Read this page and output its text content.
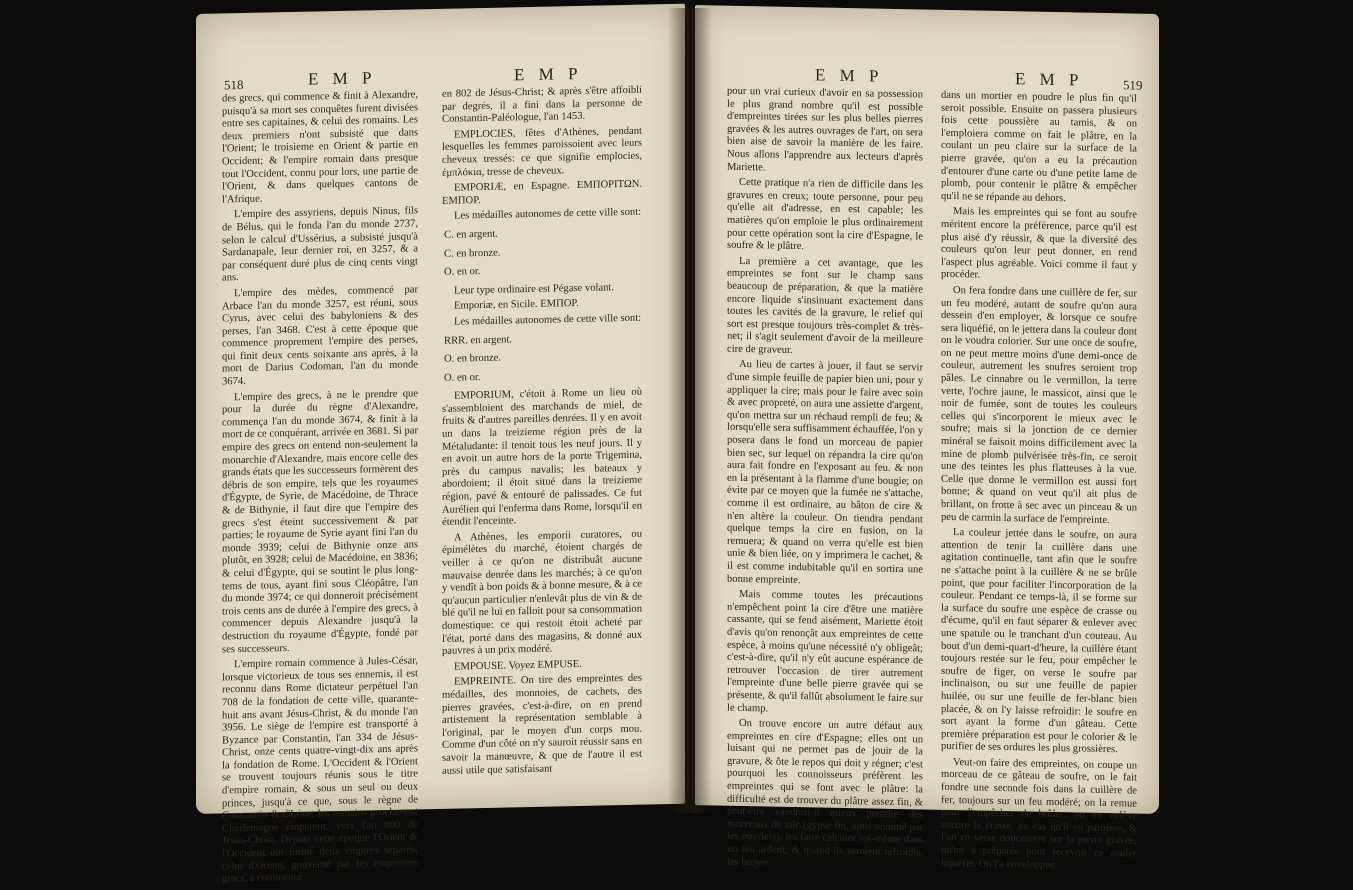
518	E M P	E M P

des grecs, qui commence & finit à Alexandre, puisqu'à sa mort ses conquêtes furent divisées entre ses capitaines, & celui des romains. Les deux premiers n'ont subsisté que dans l'Orient; le troisieme en Orient & partie en Occident; & l'empire romain dans presque tout l'Occident, connu pour lors, une partie de l'Orient, & dans quelques cantons de l'Afrique.

L'empire des assyriens, depuis Ninus, fils de Bélus, qui le fonda l'an du monde 2737, selon le calcul d'Ussérius, a subsisté jusqu'à Sardanapale, leur dernier roi, en 3257, & a par conséquent duré plus de cinq cents vingt ans.

L'empire des mèdes, commencé par Arbace l'an du monde 3257, est réuni, sous Cyrus, avec celui des babyloniens & des perses, l'an 3468. C'est à cette époque que commence proprement l'empire des perses, qui finit deux cents soixante ans après, à la mort de Darius Codoman, l'an du monde 3674.

L'empire des grecs, à ne le prendre que pour la durée du règne d'Alexandre, commença l'an du monde 3674, & finit à la mort de ce conquérant, arrivée en 3681. Si par empire des grecs on entend non-seulement la monarchie d'Alexandre, mais encore celle des grands états que les successeurs formèrent des débris de son empire, tels que les royaumes d'Égypte, de Syrie, de Macédoine, de Thrace & de Bithynie, il faut dire que l'empire des grecs s'est éteint successivement & par parties; le royaume de Syrie ayant fini l'an du monde 3939; celui de Bithynie onze ans plutôt, en 3928; celui de Macédoine, en 3836; & celui d'Égypte, qui se soutint le plus long-tems de tous, ayant fini sous Cléopâtre, l'an du monde 3974; ce qui donneroit précisément trois cents ans de durée à l'empire des grecs, à commencer depuis Alexandre jusqu'à la destruction du royaume d'Égypte, fondé par ses successeurs.

L'empire romain commence à Jules-César, lorsque victorieux de tous ses ennemis, il est reconnu dans Rome dictateur perpétuel l'an 708 de la fondation de cette ville, quarante-huit ans avant Jésus-Christ, & du monde l'an 3956. Le siège de l'empire est transporté à Byzance par Constantin, l'an 334 de Jésus-Christ, onze cents quatre-vingt-dix ans après la fondation de Rome. L'Occident & l'Orient se trouvent toujours réunis sous le titre d'empire romain, & sous un seul ou deux princes, jusqu'à ce que, sous le règne de Constantin & d'Irène, les romains proclament Charlemagne empereur, vers l'an 800 de Jésus-Christ. Depuis cette époque l'Orient & l'Occident ont formé deux empires séparés; celui d'Orient, gouverné par les empereurs grecs, a commencé

en 802 de Jésus-Christ; & après s'être affoibli par degrés, il a fini dans la personne de Constantin-Paléologue, l'an 1453.

EMPLOCIES, fêtes d'Athènes, pendant lesquelles les femmes paroissoient avec leurs cheveux tressés: ce que signifie emplocies, ἐμπλόκια, tresse de cheveux.

EMPORIÆ, en Espagne. ΕΜΠΟΡΙΤΩΝ. ΕΜΠΟΡ.

Les médailles autonomes de cette ville sont:

C. en argent.

C. en bronze.

O. en or.

Leur type ordinaire est Pégase volant.

Emporiæ, en Sicile. ΕΜΠΟΡ.

Les médailles autonomes de cette ville sont:

RRR. en argent.

O. en bronze.

O. en or.

EMPORIUM, c'étoit à Rome un lieu où s'assembloient des marchands de miel, de fruits & d'autres pareilles denrées. Il y en avoit un dans la treizieme région près de la Métaludante: il tenoit tous les neuf jours. Il y en avoit un autre hors de la porte Trigemina, près du campus navalis; les bateaux y abordoient; il étoit situé dans la treizieme région, pavé & entouré de palissades. Ce fut Aurélien qui l'enferma dans Rome, lorsqu'il en étendit l'enceinte.

A Athènes, les emporii curatores, ou épimélètes du marché, étoient chargés de veiller à ce qu'on ne distribuât aucune mauvaise denrée dans les marchés; à ce qu'on y vendît à bon poids & à bonne mesure, & à ce qu'aucun particulier n'enlevât plus de vin & de blé qu'il ne lui en falloit pour sa consommation domestique: ce qui restoit étoit acheté par l'état, porté dans des magasins, & donné aux pauvres à un prix modéré.

EMPOUSE. Voyez EMPUSE.

EMPREINTE. On tire des empreintes des médailles, des monnoies, de cachets, des pierres gravées, c'est-à-dire, on en prend artistement la représentation semblable à l'original, par le moyen d'un corps mou. Comme d'un côté on n'y sauroit réussir sans en savoir la manœuvre, & que de l'autre il est aussi utile que satisfaisant

E M P	E M P	519

pour un vrai curieux d'avoir en sa possession le plus grand nombre qu'il est possible d'empreintes tirées sur les plus belles pierres gravées & les autres ouvrages de l'art, on sera bien aise de savoir la manière de les faire. Nous allons l'apprendre aux lecteurs d'après Mariette.

Cette pratique n'a rien de difficile dans les gravures en creux; toute personne, pour peu qu'elle ait d'adresse, en est capable; les matières qu'on emploie le plus ordinairement pour cette opération sont la cire d'Espagne, le soufre & le plâtre.

La première a cet avantage, que les empreintes se font sur le champ sans beaucoup de préparation, & que la matière encore liquide s'insinuant exactement dans toutes les cavités de la gravure, le relief qui sort est presque toujours très-complet & très-net; il s'agit seulement d'avoir de la meilleure cire de graveur.

Au lieu de cartes à jouer, il faut se servir d'une simple feuille de papier bien uni, pour y appliquer la cire; mais pour le faire avec soin & avec propreté, on aura une assiette d'argent, qu'on mettra sur un réchaud rempli de feu; & lorsqu'elle sera suffisamment échauffée, l'on y posera dans le fond un morceau de papier bien sec, sur lequel on répandra la cire qu'on aura fait fondre en l'exposant au feu. & non en la présentant à la flamme d'une bougie; on évite par ce moyen que la fumée ne s'attache, comme il est ordinaire, au bâton de cire & n'en altère la couleur. On tiendra pendant quelque temps la cire en fusion, on la remuera; & quand on verra qu'elle est bien unie & bien liée, on y imprimera le cachet, & il est comme indubitable qu'il en sortira une bonne empreinte.

Mais comme toutes les précautions n'empêchent point la cire d'être une matière cassante, qui se fend aisément, Mariette étoit d'avis qu'on renonçât aux empreintes de cette espèce, à moins qu'une nécessité n'y obligeât; c'est-à-dire, qu'il n'y eût aucune espérance de retrouver l'occasion de tirer autrement l'empreinte d'une belle pierre gravée qui se présente, & qu'il fallût absolument le faire sur le champ.

On trouve encore un autre défaut aux empreintes en cire d'Espagne; elles ont un luisant qui ne permet pas de jouir de la gravure, & ôte le repos qui doit y régner; c'est pourquoi les connoisseurs préfèrent les empreintes qui se font avec le plâtre: la difficulté est de trouver du plâtre assez fin, & peut-être vaudroit-il mieux prendre des morceaux de talc (gypse fin, ainsi nommé par les ouvriers), les faire calciner soi-même dans un feu ardent, & quand ils seroient refroidis, les broyer

dans un mortier en poudre le plus fin qu'il seroit possible. Ensuite on passera plusieurs fois cette poussière au tamis, & on l'emploiera comme on fait le plâtre, en la coulant un peu claire sur la surface de la pierre gravée, qu'on a eu la précaution d'entourer d'une carte ou d'une petite lame de plomb, pour contenir le plâtre & empêcher qu'il ne se répande au dehors.

Mais les empreintes qui se font au soufre méritent encore la préférence, parce qu'il est plus aisé d'y réussir, & que la diversité des couleurs qu'on leur peut donner, en rend l'aspect plus agréable. Voici comme il faut y procéder.

On fera fondre dans une cuillère de fer, sur un feu modéré, autant de soufre qu'on aura dessein d'en employer, & lorsque ce soufre sera liquéfié, on le jettera dans la couleur dont on le voudra colorier. Sur une once de soufre, on ne peut mettre moins d'une demi-once de couleur, autrement les soufres seroient trop pâles. Le cinnabre ou le vermillon, la terre verte, l'ochre jaune, le massicot, ainsi que le noir de fumée, sont de toutes les couleurs celles qui s'incorporent le mieux avec le soufre; mais si la jonction de ce dernier minéral se faisoit moins difficilement avec la mine de plomb pulvérisée très-fin, ce seroit une des teintes les plus flatteuses à la vue. Celle que donne le vermillon est aussi fort bonne; & quand on veut qu'il ait plus de brillant, on frotte à sec avec un pinceau & un peu de carmin la surface de l'empreinte.

La couleur jettée dans le soufre, on aura attention de tenir la cuillère dans une agitation continuelle, tant afin que le soufre ne s'attache point à la cuillère & ne se brûle point, que pour faciliter l'incorporation de la couleur. Pendant ce temps-là, il se forme sur la surface du soufre une espèce de crasse ou d'écume, qu'il en faut séparer & enlever avec une spatule ou le tranchant d'un couteau. Au bout d'un demi-quart-d'heure, la cuillère étant toujours restée sur le feu, pour empêcher le soufre de figer, on verse le soufre par inclinaison, ou sur une feuille de papier huilée, ou sur une feuille de fer-blanc bien placée, & on l'y laisse refroidir: le soufre en sort ayant la forme d'un gâteau. Cette première préparation est pour le colorier & le purifier de ses ordures les plus grossières.

Veut-on faire des empreintes, on coupe un morceau de ce gâteau de soufre, on le fait fondre une seconde fois dans la cuillère de fer, toujours sur un feu modéré; on la remue pour l'empêcher de brûler; on en enlève encore la crasse, en cas qu'il en paroisse, & l'on en verse doucement sur la pierre gravée, qu'on a préparée pour recevoir ce soufre liquéfié. On l'a enveloppée,
